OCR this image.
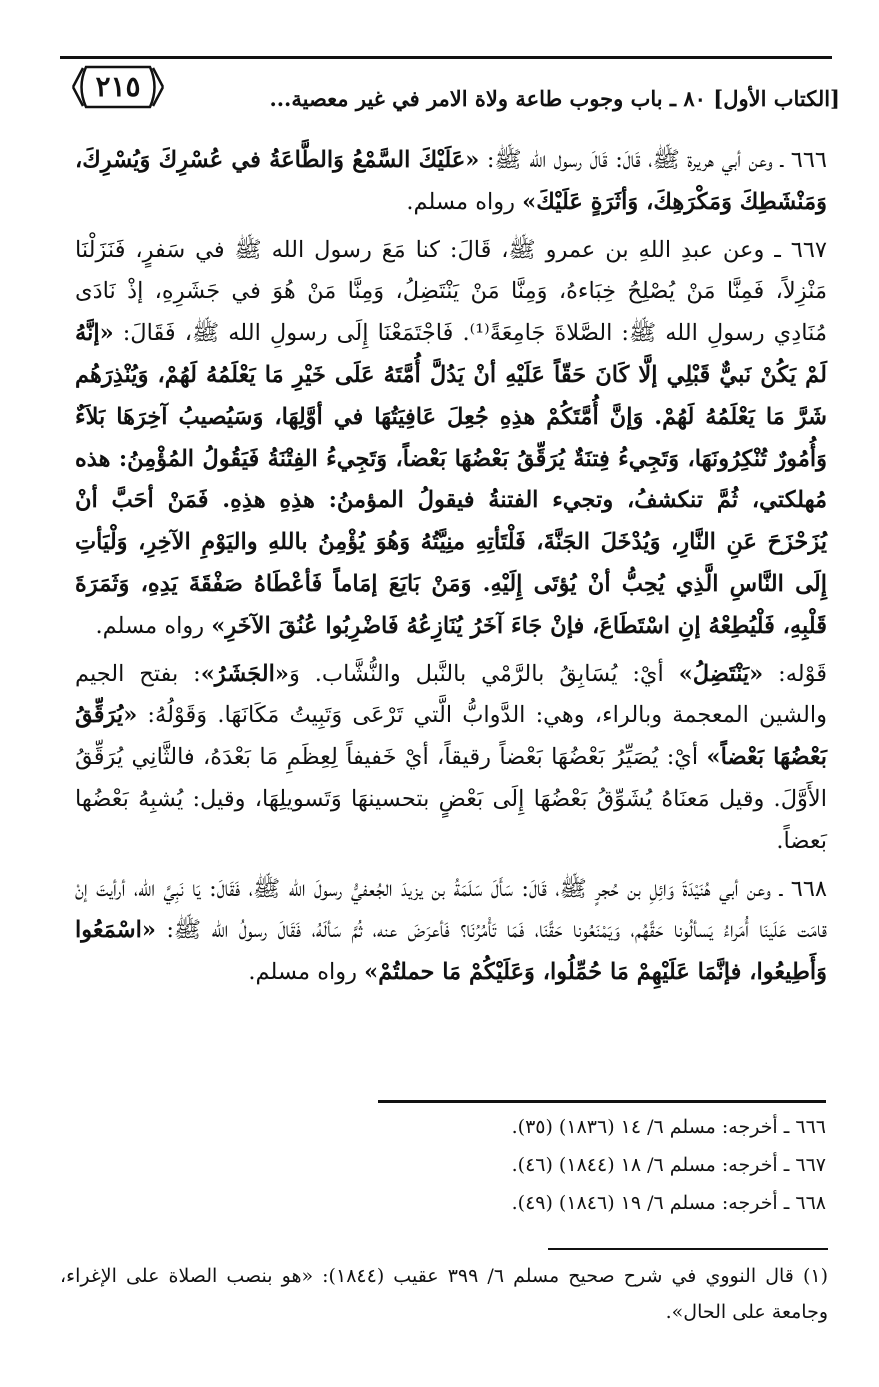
٢١٥	[الكتاب الأول] ٨٠ ـ باب وجوب طاعة ولاة الامر في غير معصية...

٦٦٦ ـ وعن أبي هريرة ﷺ، قَالَ: قَالَ رسول الله ﷺ: «عَلَيْكَ السَّمْعُ وَالطَّاعَةُ في عُسْرِكَ وَيُسْرِكَ، وَمَنْشَطِكَ وَمَكْرَهِكَ، وَأثَرَةٍ عَلَيْكَ» رواه مسلم.

٦٦٧ ـ وعن عبدِ اللهِ بن عمرو ﷺ، قَالَ: كنا مَعَ رسول الله ﷺ في سَفرٍ، فَنَزَلْنَا مَنْزِلاً، فَمِنَّا مَنْ يُصْلِحُ خِبَاءهُ، وَمِنَّا مَنْ يَنْتَضِلُ، وَمِنَّا مَنْ هُوَ في جَشَرِهِ، إذْ نَادَى مُنَادِي رسولِ الله ﷺ: الصَّلاةَ جَامِعَةً⁽¹⁾. فَاجْتَمَعْنَا إِلَى رسولِ الله ﷺ، فَقَالَ: «إنَّهُ لَمْ يَكُنْ نَبيٌّ قَبْلِي إلَّا كَانَ حَقّاً عَلَيْهِ أنْ يَدُلَّ أُمَّتَهُ عَلَى خَيْرِ مَا يَعْلَمُهُ لَهُمْ، وَيُنْذِرَهُم شَرَّ مَا يَعْلَمُهُ لَهُمْ. وَإنَّ أُمَّتَكُمْ هذِهِ جُعِلَ عَافِيَتُهَا في أوَّلِهَا، وَسَيُصيبُ آخِرَهَا بَلاَءٌ وَأُمُورٌ تُنْكِرُونَهَا، وَتَجِيءُ فِتنَةٌ يُرَقِّقُ بَعْضُهَا بَعْضاً، وَتَجِيءُ الفِتْنَةُ فَيَقُولُ المُؤْمِنُ: هذه مُهلكتي، ثُمَّ تنكشفُ، وتجيء الفتنةُ فيقولُ المؤمنُ: هذِهِ هذِهِ. فَمَنْ أحَبَّ أنْ يُزَحْزَحَ عَنِ النَّارِ، وَيُدْخَلَ الجَنَّةَ، فَلْتَأتِهِ منِيَّتُهُ وَهُوَ يُؤْمِنُ باللهِ واليَوْمِ الآخِرِ، وَلْيَأتِ إِلَى النَّاسِ الَّذِي يُحِبُّ أنْ يُؤتَى إِلَيْهِ. وَمَنْ بَايَعَ إمَاماً فَأعْطَاهُ صَفْقَةَ يَدِهِ، وَثَمَرَةَ قَلْبِهِ، فَلْيُطِعْهُ إنِ اسْتَطَاعَ، فإنْ جَاءَ آخَرُ يُنَازِعُهُ فَاضْرِبُوا عُنُقَ الآخَرِ» رواه مسلم.

قَوْله: «يَنْتَضِلُ» أيْ: يُسَابِقُ بالرَّمْي بالنَّبل والنُّشَّاب. وَ«الجَشَرُ»: بفتح الجيم والشين المعجمة وبالراء، وهي: الدَّوابُّ الَّتي تَرْعَى وَتَبِيتُ مَكَانَهَا. وَقَوْلُهُ: «يُرَقِّقُ بَعْضُهَا بَعْضاً» أيْ: يُصَيِّرُ بَعْضُهَا بَعْضاً رقيقاً، أيْ خَفيفاً لِعِظَمِ مَا بَعْدَهُ، فالثَّانِي يُرَقِّقُ الأَوَّلَ. وقيل مَعنَاهُ يُشَوِّقُ بَعْضُهَا إِلَى بَعْضٍ بتحسينهَا وَتَسويلِهَا، وقيل: يُشبِهُ بَعْضُها بَعضاً.

٦٦٨ ـ وعن أبي هُنَيْدَةَ وَائِلِ بن حُجرٍ ﷺ، قَالَ: سَأَلَ سَلَمَةُ بن يزيدَ الجُعفيُّ رسولَ الله ﷺ، فَقَالَ: يَا نَبِيَّ الله، أرأيتَ إنْ قامَت عَلَينَا أُمَراءُ يَسألُونا حَقَّهُم، وَيَمْنَعُونا حَقَّنَا، فَمَا تَأْمُرُنَا؟ فَأعرَضَ عنه، ثُمَّ سَألَهُ، فَقَالَ رسولُ الله ﷺ: «اسْمَعُوا وَأَطِيعُوا، فإنَّمَا عَلَيْهِمْ مَا حُمِّلُوا، وَعَلَيْكُمْ مَا حملتُمْ» رواه مسلم.

٦٦٦ ـ أخرجه: مسلم ٦/ ١٤ (١٨٣٦) (٣٥).
٦٦٧ ـ أخرجه: مسلم ٦/ ١٨ (١٨٤٤) (٤٦).
٦٦٨ ـ أخرجه: مسلم ٦/ ١٩ (١٨٤٦) (٤٩).
(١) قال النووي في شرح صحيح مسلم ٦/ ٣٩٩ عقيب (١٨٤٤): «هو بنصب الصلاة على الإغراء، وجامعة على الحال».
